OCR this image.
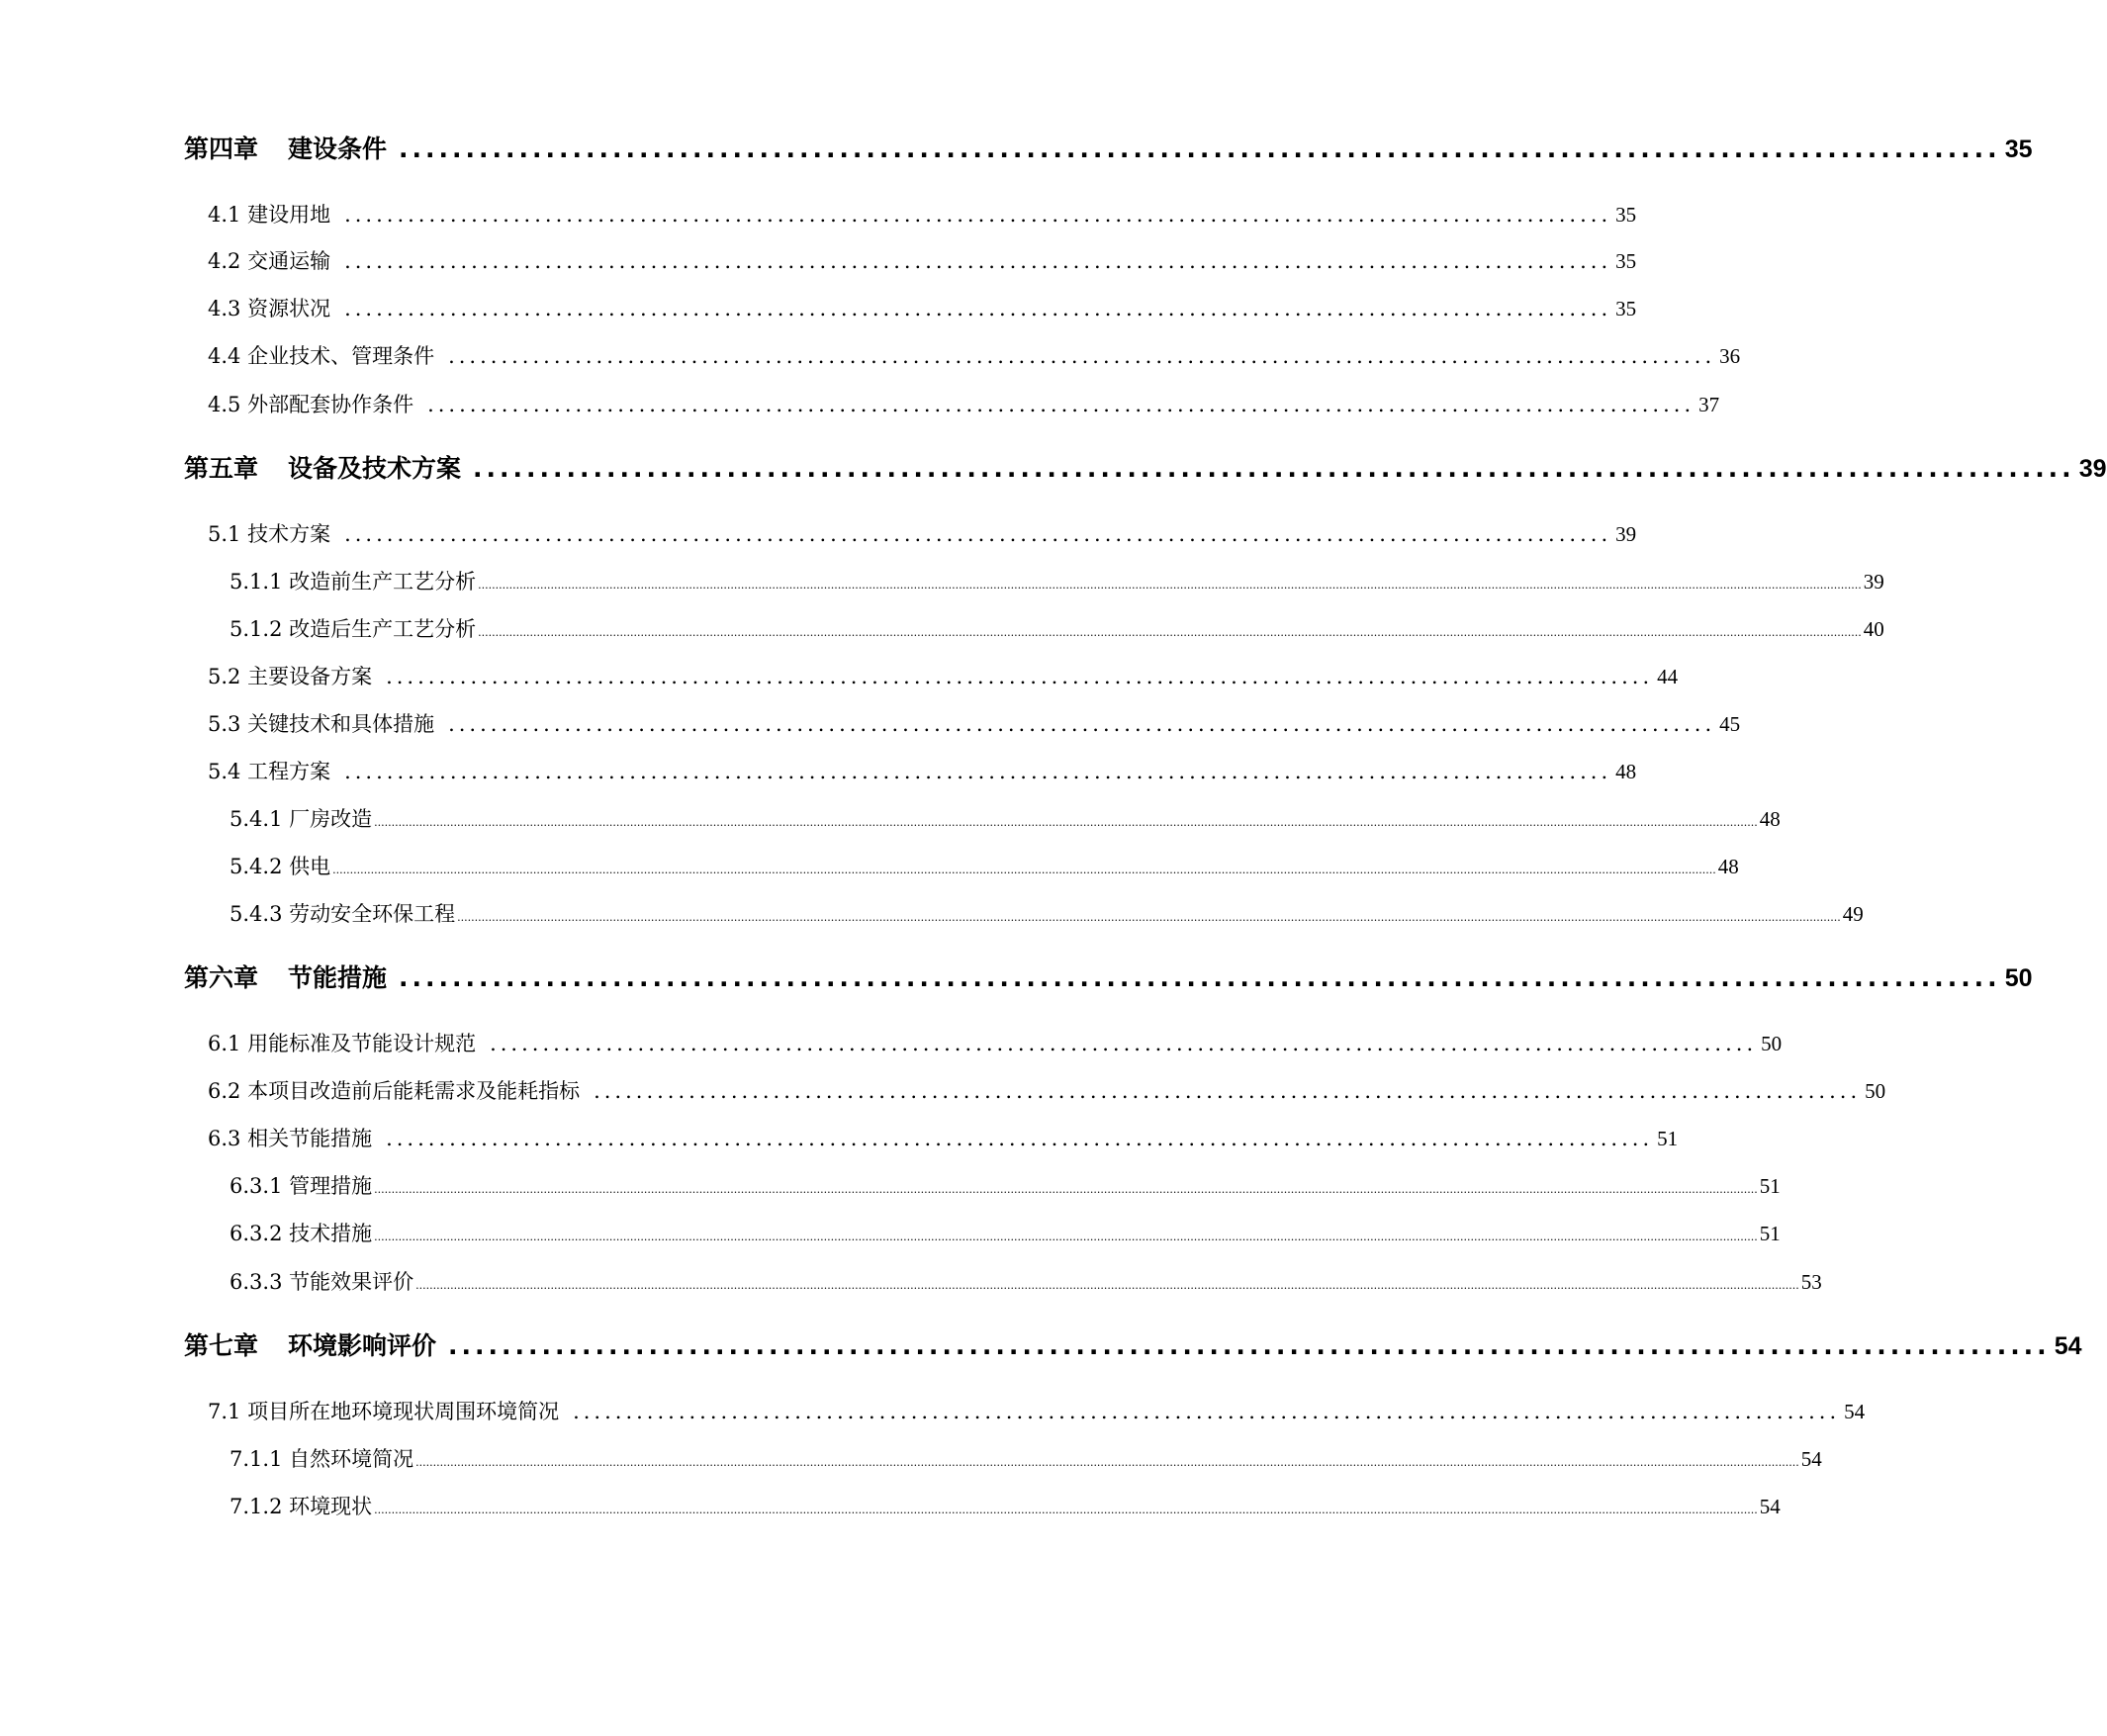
第四章 建设条件 ........................................................................................................................ 35
4.1 建设用地 ........................................................................................................................ 35
4.2 交通运输 ........................................................................................................................ 35
4.3 资源状况 ........................................................................................................................ 35
4.4 企业技术、管理条件 ........................................................................................................................ 36
4.5 外部配套协作条件 ........................................................................................................................ 37
第五章 设备及技术方案 ........................................................................................................................ 39
5.1 技术方案 ........................................................................................................................ 39
5.1.1 改造前生产工艺分析 ................................................................................................................................................................................................................................................................................................................................................................................................................ 39
5.1.2 改造后生产工艺分析 ................................................................................................................................................................................................................................................................................................................................................................................................................ 40
5.2 主要设备方案 ........................................................................................................................ 44
5.3 关键技术和具体措施 ........................................................................................................................ 45
5.4 工程方案 ........................................................................................................................ 48
5.4.1 厂房改造 ................................................................................................................................................................................................................................................................................................................................................................................................................ 48
5.4.2 供电 ................................................................................................................................................................................................................................................................................................................................................................................................................ 48
5.4.3 劳动安全环保工程 ................................................................................................................................................................................................................................................................................................................................................................................................................ 49
第六章 节能措施 ........................................................................................................................ 50
6.1 用能标准及节能设计规范 ........................................................................................................................ 50
6.2 本项目改造前后能耗需求及能耗指标 ........................................................................................................................ 50
6.3 相关节能措施 ........................................................................................................................ 51
6.3.1 管理措施 ................................................................................................................................................................................................................................................................................................................................................................................................................ 51
6.3.2 技术措施 ................................................................................................................................................................................................................................................................................................................................................................................................................ 51
6.3.3 节能效果评价 ................................................................................................................................................................................................................................................................................................................................................................................................................ 53
第七章 环境影响评价 ........................................................................................................................ 54
7.1 项目所在地环境现状周围环境简况 ........................................................................................................................ 54
7.1.1 自然环境简况 ................................................................................................................................................................................................................................................................................................................................................................................................................ 54
7.1.2 环境现状 ................................................................................................................................................................................................................................................................................................................................................................................................................ 54
